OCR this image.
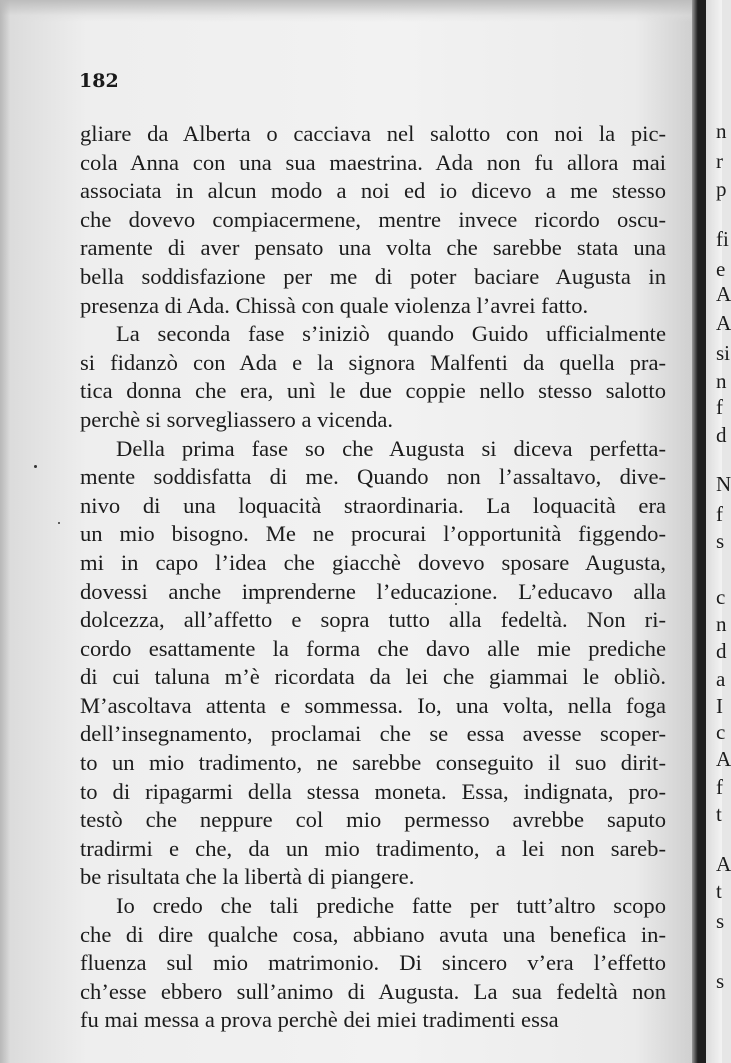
182

gliare da Alberta o cacciava nel salotto con noi la pic-
cola Anna con una sua maestrina. Ada non fu allora mai
associata in alcun modo a noi ed io dicevo a me stesso
che dovevo compiacermene, mentre invece ricordo oscu-
ramente di aver pensato una volta che sarebbe stata una
bella soddisfazione per me di poter baciare Augusta in
presenza di Ada. Chissà con quale violenza l’avrei fatto.
La seconda fase s’iniziò quando Guido ufficialmente
si fidanzò con Ada e la signora Malfenti da quella pra-
tica donna che era, unì le due coppie nello stesso salotto
perchè si sorvegliassero a vicenda.
Della prima fase so che Augusta si diceva perfetta-
mente soddisfatta di me. Quando non l’assaltavo, dive-
nivo di una loquacità straordinaria. La loquacità era
un mio bisogno. Me ne procurai l’opportunità figgendo-
mi in capo l’idea che giacchè dovevo sposare Augusta,
dovessi anche imprenderne l’educazione. L’educavo alla
dolcezza, all’affetto e sopra tutto alla fedeltà. Non ri-
cordo esattamente la forma che davo alle mie prediche
di cui taluna m’è ricordata da lei che giammai le obliò.
M’ascoltava attenta e sommessa. Io, una volta, nella foga
dell’insegnamento, proclamai che se essa avesse scoper-
to un mio tradimento, ne sarebbe conseguito il suo dirit-
to di ripagarmi della stessa moneta. Essa, indignata, pro-
testò che neppure col mio permesso avrebbe saputo
tradirmi e che, da un mio tradimento, a lei non sareb-
be risultata che la libertà di piangere.
Io credo che tali prediche fatte per tutt’altro scopo
che di dire qualche cosa, abbiano avuta una benefica in-
fluenza sul mio matrimonio. Di sincero v’era l’effetto
ch’esse ebbero sull’animo di Augusta. La sua fedeltà non
fu mai messa a prova perchè dei miei tradimenti essa
n
r
p
fi
e
A
A
si
n
f
d
N
f
s
c
n
d
a
I
c
A
f
t
A
t
s
s
